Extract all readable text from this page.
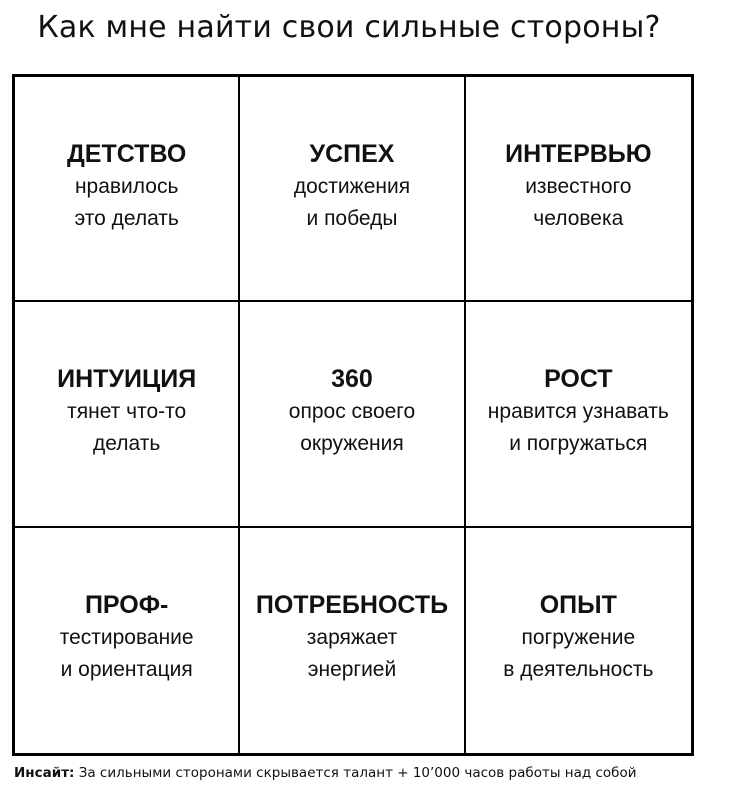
Как мне найти свои сильные стороны?
ДЕТСТВО
нравилось
это делать
УСПЕХ
достижения
и победы
ИНТЕРВЬЮ
известного
человека
ИНТУИЦИЯ
тянет что-то
делать
360
опрос своего
окружения
РОСТ
нравится узнавать
и погружаться
ПРОФ-
тестирование
и ориентация
ПОТРЕБНОСТЬ
заряжает
энергией
ОПЫТ
погружение
в деятельность
Инсайт: За сильными сторонами скрывается талант + 10’000 часов работы над собой
